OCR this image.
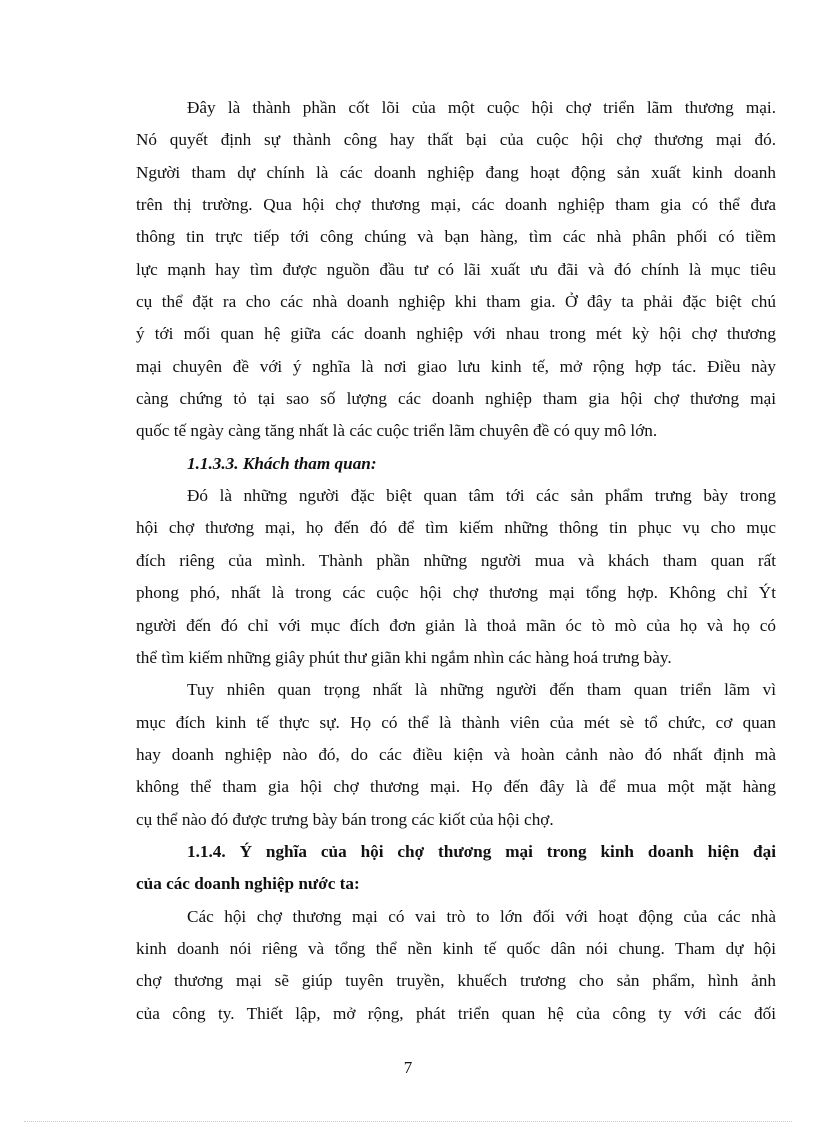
Đây là thành phần cốt lõi của một cuộc hội chợ triển lãm thương mại.
Nó quyết định sự thành công hay thất bại của cuộc hội chợ thương mại đó.
Người tham dự chính là các doanh nghiệp đang hoạt động sản xuất kinh doanh
trên thị trường. Qua hội chợ thương mại, các doanh nghiệp tham gia có thể đưa
thông tin trực tiếp tới công chúng và bạn hàng, tìm các nhà phân phối có tiềm
lực mạnh hay tìm được nguồn đầu tư có lãi xuất ưu đãi và đó chính là mục tiêu
cụ thể đặt ra cho các nhà doanh nghiệp khi tham gia. Ở đây ta phải đặc biệt chú
ý tới mối quan hệ giữa các doanh nghiệp với nhau trong mét kỳ hội chợ thương
mại chuyên đề với ý nghĩa là nơi giao lưu kinh tế, mở rộng hợp tác. Điều này
càng chứng tỏ tại sao số lượng các doanh nghiệp tham gia hội chợ thương mại
quốc tế ngày càng tăng nhất là các cuộc triển lãm chuyên đề có quy mô lớn.
1.1.3.3. Khách tham quan:
Đó là những người đặc biệt quan tâm tới các sản phẩm trưng bày trong
hội chợ thương mại, họ đến đó để tìm kiếm những thông tin phục vụ cho mục
đích riêng của mình. Thành phần những người mua và khách tham quan rất
phong phó, nhất là trong các cuộc hội chợ thương mại tổng hợp. Không chỉ Ýt
người đến đó chỉ với mục đích đơn giản là thoả mãn óc tò mò của họ và họ có
thể tìm kiếm những giây phút thư giãn khi ngắm nhìn các hàng hoá trưng bày.
Tuy nhiên quan trọng nhất là những người đến tham quan triển lãm vì
mục đích kinh tế thực sự. Họ có thể là thành viên của mét sè tổ chức, cơ quan
hay doanh nghiệp nào đó, do các điều kiện và hoàn cảnh nào đó nhất định mà
không thể tham gia hội chợ thương mại. Họ đến đây là để mua một mặt hàng
cụ thể nào đó được trưng bày bán trong các kiốt của hội chợ.
1.1.4. Ý nghĩa của hội chợ thương mại trong kinh doanh hiện đại
của các doanh nghiệp nước ta:
Các hội chợ thương mại có vai trò to lớn đối với hoạt động của các nhà
kinh doanh nói riêng và tổng thể nền kinh tế quốc dân nói chung. Tham dự hội
chợ thương mại sẽ giúp tuyên truyền, khuếch trương cho sản phẩm, hình ảnh
của công ty. Thiết lập, mở rộng, phát triển quan hệ của công ty với các đối
7
